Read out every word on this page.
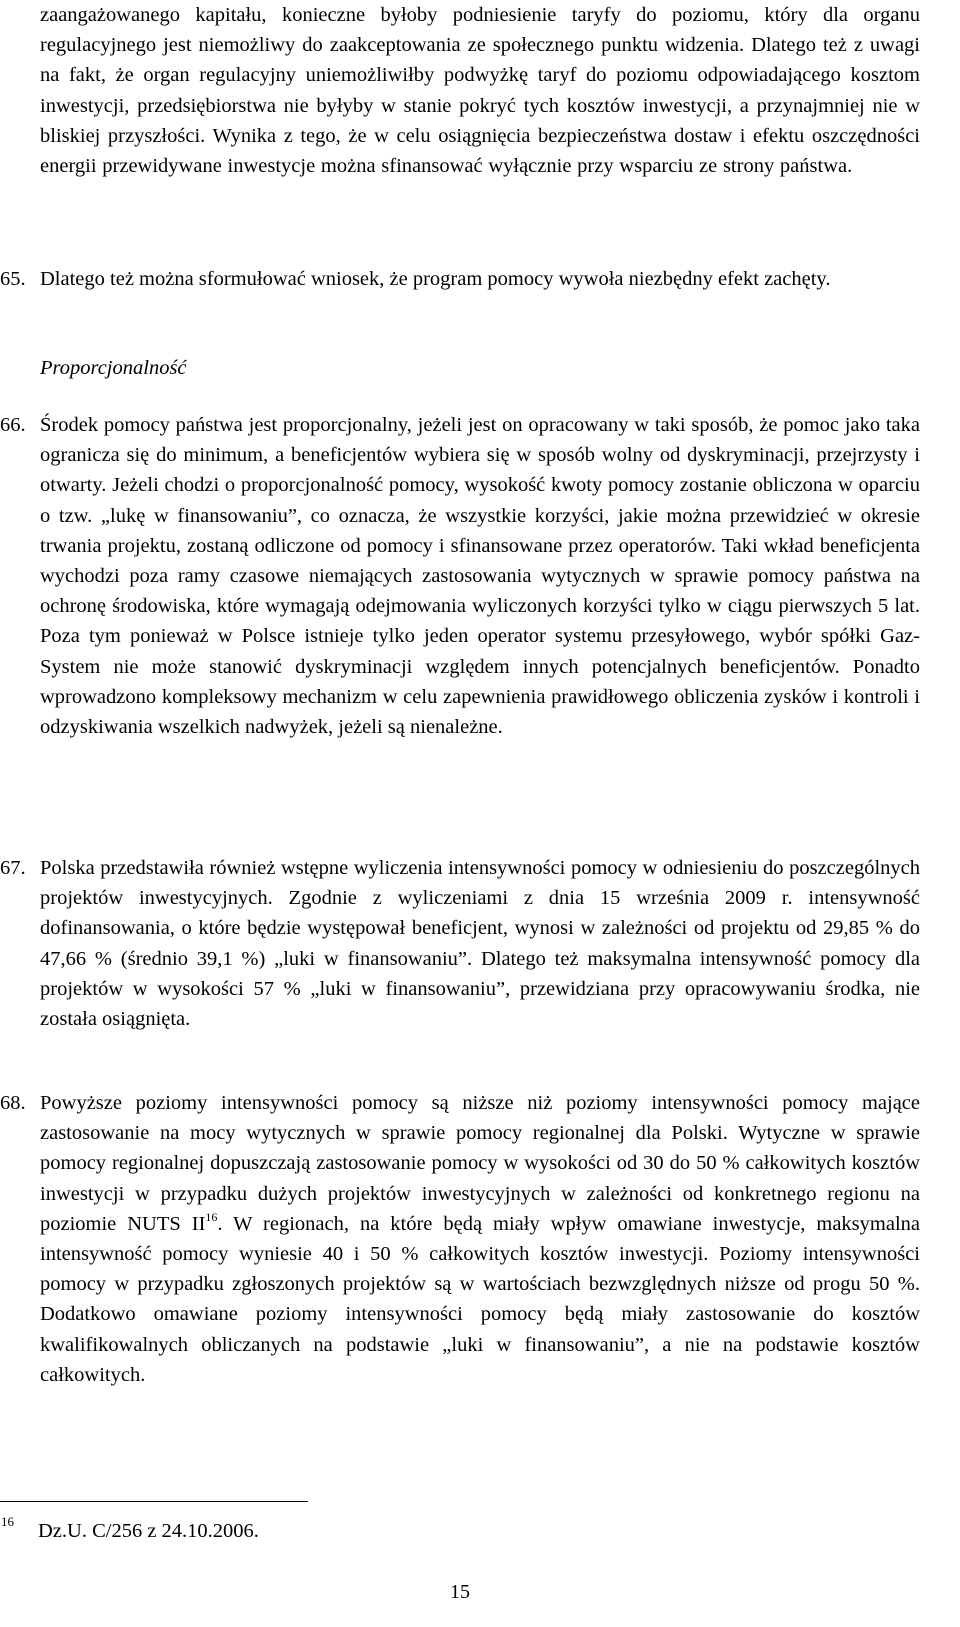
zaangażowanego kapitału, konieczne byłoby podniesienie taryfy do poziomu, który dla organu regulacyjnego jest niemożliwy do zaakceptowania ze społecznego punktu widzenia. Dlatego też z uwagi na fakt, że organ regulacyjny uniemożliwiłby podwyżkę taryf do poziomu odpowiadającego kosztom inwestycji, przedsiębiorstwa nie byłyby w stanie pokryć tych kosztów inwestycji, a przynajmniej nie w bliskiej przyszłości. Wynika z tego, że w celu osiągnięcia bezpieczeństwa dostaw i efektu oszczędności energii przewidywane inwestycje można sfinansować wyłącznie przy wsparciu ze strony państwa.

65. Dlatego też można sformułować wniosek, że program pomocy wywoła niezbędny efekt zachęty.
Proporcjonalność
66. Środek pomocy państwa jest proporcjonalny, jeżeli jest on opracowany w taki sposób, że pomoc jako taka ogranicza się do minimum, a beneficjentów wybiera się w sposób wolny od dyskryminacji, przejrzysty i otwarty. Jeżeli chodzi o proporcjonalność pomocy, wysokość kwoty pomocy zostanie obliczona w oparciu o tzw. „lukę w finansowaniu”, co oznacza, że wszystkie korzyści, jakie można przewidzieć w okresie trwania projektu, zostaną odliczone od pomocy i sfinansowane przez operatorów. Taki wkład beneficjenta wychodzi poza ramy czasowe niemających zastosowania wytycznych w sprawie pomocy państwa na ochronę środowiska, które wymagają odejmowania wyliczonych korzyści tylko w ciągu pierwszych 5 lat. Poza tym ponieważ w Polsce istnieje tylko jeden operator systemu przesyłowego, wybór spółki Gaz-System nie może stanowić dyskryminacji względem innych potencjalnych beneficjentów. Ponadto wprowadzono kompleksowy mechanizm w celu zapewnienia prawidłowego obliczenia zysków i kontroli i odzyskiwania wszelkich nadwyżek, jeżeli są nienależne.
67. Polska przedstawiła również wstępne wyliczenia intensywności pomocy w odniesieniu do poszczególnych projektów inwestycyjnych. Zgodnie z wyliczeniami z dnia 15 września 2009 r. intensywność dofinansowania, o które będzie występował beneficjent, wynosi w zależności od projektu od 29,85 % do 47,66 % (średnio 39,1 %) „luki w finansowaniu”. Dlatego też maksymalna intensywność pomocy dla projektów w wysokości 57 % „luki w finansowaniu”, przewidziana przy opracowywaniu środka, nie została osiągnięta.
68. Powyższe poziomy intensywności pomocy są niższe niż poziomy intensywności pomocy mające zastosowanie na mocy wytycznych w sprawie pomocy regionalnej dla Polski. Wytyczne w sprawie pomocy regionalnej dopuszczają zastosowanie pomocy w wysokości od 30 do 50 % całkowitych kosztów inwestycji w przypadku dużych projektów inwestycyjnych w zależności od konkretnego regionu na poziomie NUTS II$^{16}$. W regionach, na które będą miały wpływ omawiane inwestycje, maksymalna intensywność pomocy wyniesie 40 i 50 % całkowitych kosztów inwestycji. Poziomy intensywności pomocy w przypadku zgłoszonych projektów są w wartościach bezwzględnych niższe od progu 50 %. Dodatkowo omawiane poziomy intensywności pomocy będą miały zastosowanie do kosztów kwalifikowalnych obliczanych na podstawie „luki w finansowaniu”, a nie na podstawie kosztów całkowitych.
16 Dz.U. C/256 z 24.10.2006.
15
